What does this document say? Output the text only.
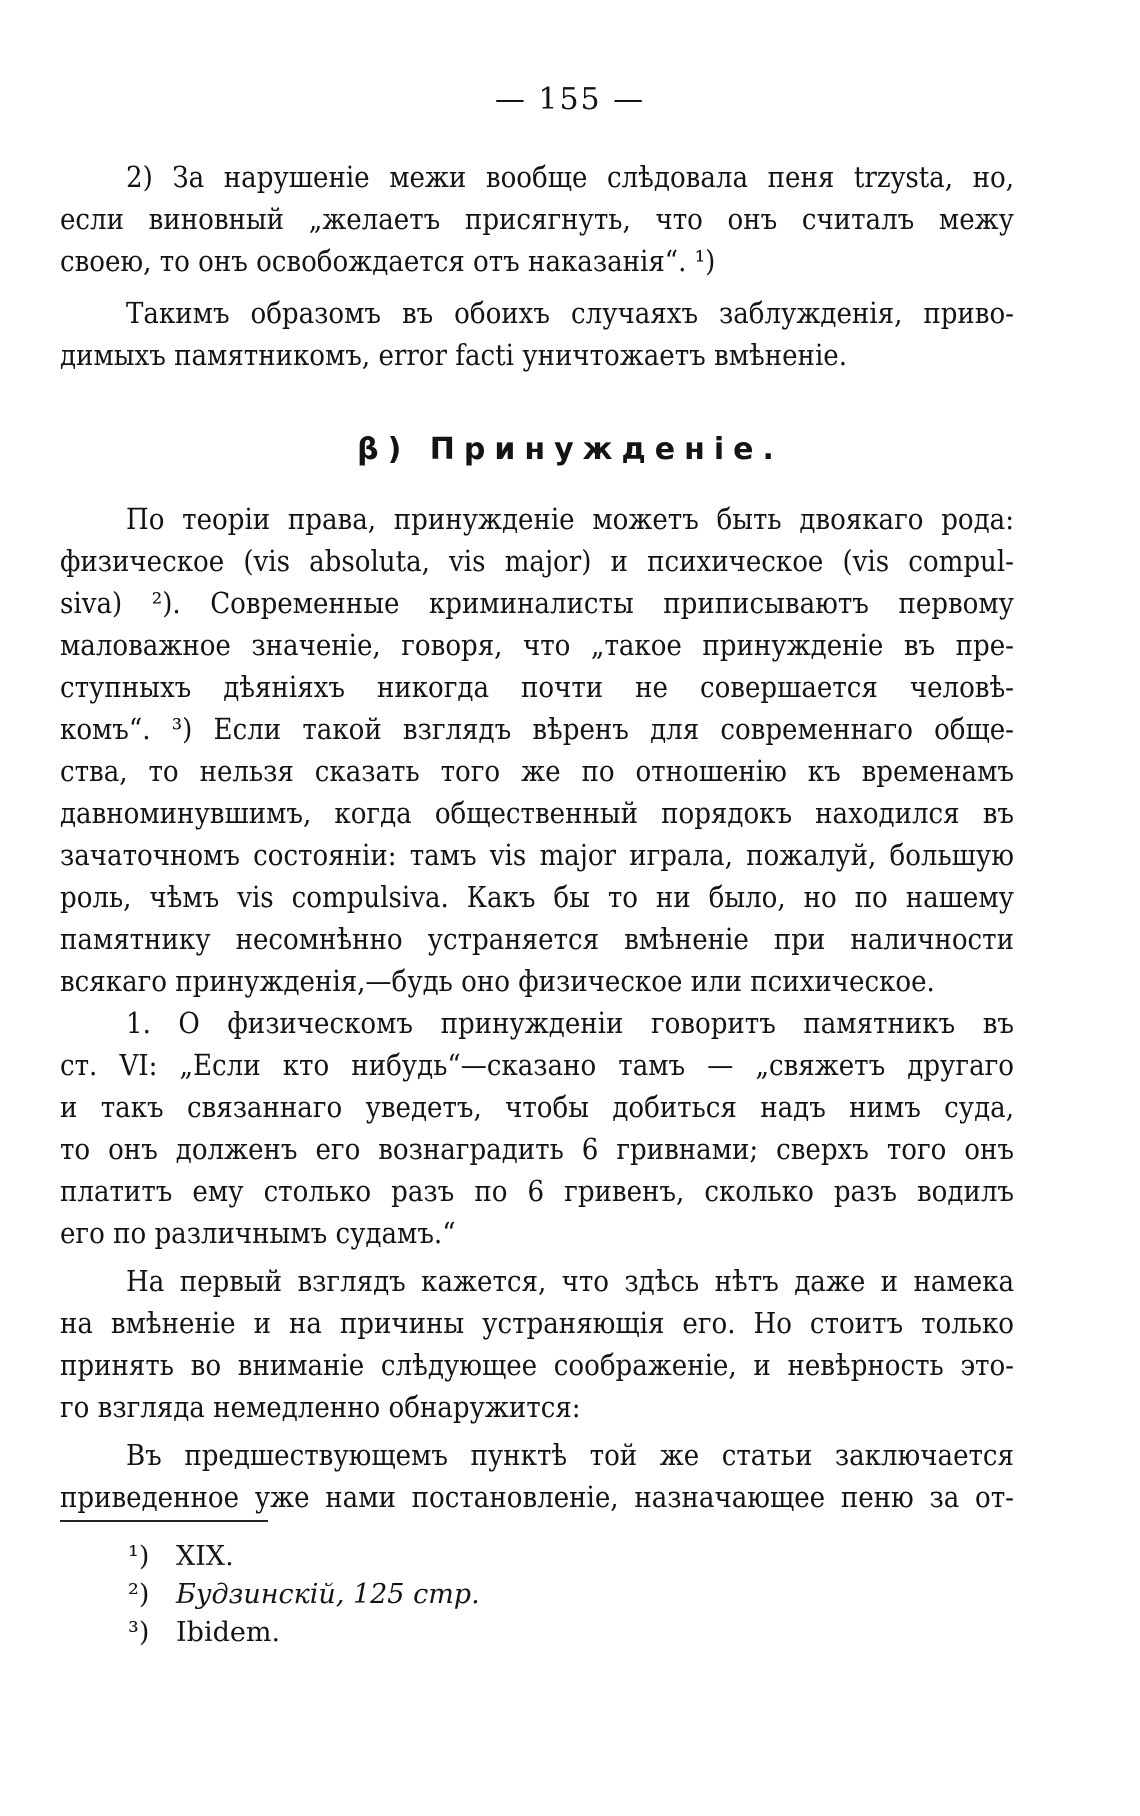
— 155 —
2) За нарушеніе межи вообще слѣдовала пеня trzysta, но,
если виновный „желаетъ присягнуть, что онъ считалъ межу
своею, то онъ освобождается отъ наказанія“. ¹)
Такимъ образомъ въ обоихъ случаяхъ заблужденія, приво-
димыхъ памятникомъ, error facti уничтожаетъ вмѣненіе.
β) Принужденіе.
По теоріи права, принужденіе можетъ быть двоякаго рода:
физическое (vis absoluta, vis major) и психическое (vis compul-
siva) ²). Современные криминалисты приписываютъ первому
маловажное значеніе, говоря, что „такое принужденіе въ пре-
ступныхъ дѣяніяхъ никогда почти не совершается человѣ-
комъ“. ³) Если такой взглядъ вѣренъ для современнаго обще-
ства, то нельзя сказать того же по отношенію къ временамъ
давноминувшимъ, когда общественный порядокъ находился въ
зачаточномъ состояніи: тамъ vis major играла, пожалуй, большую
роль, чѣмъ vis compulsiva. Какъ бы то ни было, но по нашему
памятнику несомнѣнно устраняется вмѣненіе при наличности
всякаго принужденія,—будь оно физическое или психическое.
1. О физическомъ принужденіи говоритъ памятникъ въ
ст. VI: „Если кто нибудь“—сказано тамъ — „свяжетъ другаго
и такъ связаннаго уведетъ, чтобы добиться надъ нимъ суда,
то онъ долженъ его вознаградить 6 гривнами; сверхъ того онъ
платитъ ему столько разъ по 6 гривенъ, сколько разъ водилъ
его по различнымъ судамъ.“
На первый взглядъ кажется, что здѣсь нѣтъ даже и намека
на вмѣненіе и на причины устраняющія его. Но стоитъ только
принять во вниманіе слѣдующее соображеніе, и невѣрность это-
го взгляда немедленно обнаружится:
Въ предшествующемъ пунктѣ той же статьи заключается
приведенное уже нами постановленіе, назначающее пеню за от-
¹) XIX.
²) Будзинскій, 125 стр.
³) Ibidem.
